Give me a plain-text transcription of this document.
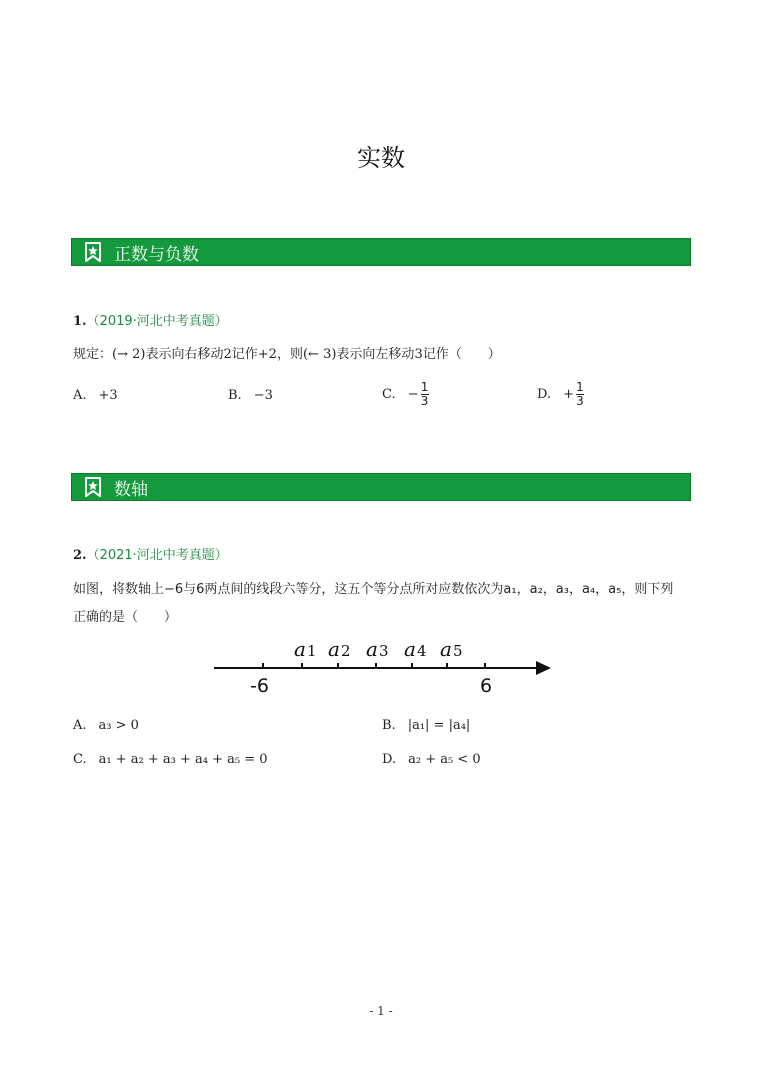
实数
正数与负数
1.（2019·河北中考真题）
规定：(→ 2)表示向右移动2记作+2，则(← 3)表示向左移动3记作（　　）
A. +3	B. −3	C. − $\frac{1}{3}$	D. + $\frac{1}{3}$
数轴
2.（2021·河北中考真题）
如图，将数轴上−6与6两点间的线段六等分，这五个等分点所对应数依次为a₁，a₂，a₃，a₄，a₅，则下列
正确的是（　　）
a1 a2 a3 a4 a5
-6	6
A. a₃ > 0	B. |a₁| = |a₄|
C. a₁ + a₂ + a₃ + a₄ + a₅ = 0	D. a₂ + a₅ < 0
- 1 -
